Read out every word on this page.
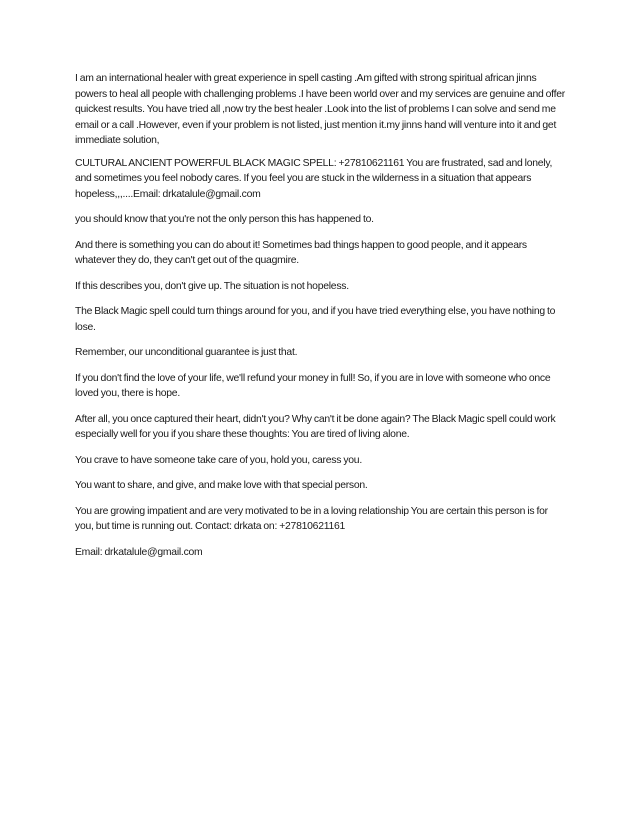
I am an international healer with great experience in spell casting .Am gifted with strong spiritual african jinns powers to heal all people with challenging problems .I have been world over and my services are genuine and offer quickest results. You have tried all ,now try the best healer .Look into the list of problems I can solve and send me email or a call .However, even if your problem is not listed, just mention it.my jinns hand will venture into it and get immediate solution,

CULTURAL ANCIENT POWERFUL BLACK MAGIC SPELL: +27810621161 You are frustrated, sad and lonely, and sometimes you feel nobody cares. If you feel you are stuck in the wilderness in a situation that appears hopeless,,,....Email: drkatalule@gmail.com

you should know that you're not the only person this has happened to.

And there is something you can do about it! Sometimes bad things happen to good people, and it appears whatever they do, they can't get out of the quagmire.

If this describes you, don't give up. The situation is not hopeless.

The Black Magic spell could turn things around for you, and if you have tried everything else, you have nothing to lose.

Remember, our unconditional guarantee is just that.

If you don't find the love of your life, we'll refund your money in full! So, if you are in love with someone who once loved you, there is hope.

After all, you once captured their heart, didn't you? Why can't it be done again? The Black Magic spell could work especially well for you if you share these thoughts: You are tired of living alone.

You crave to have someone take care of you, hold you, caress you.

You want to share, and give, and make love with that special person.

You are growing impatient and are very motivated to be in a loving relationship You are certain this person is for you, but time is running out. Contact: drkata on: +27810621161

Email: drkatalule@gmail.com
